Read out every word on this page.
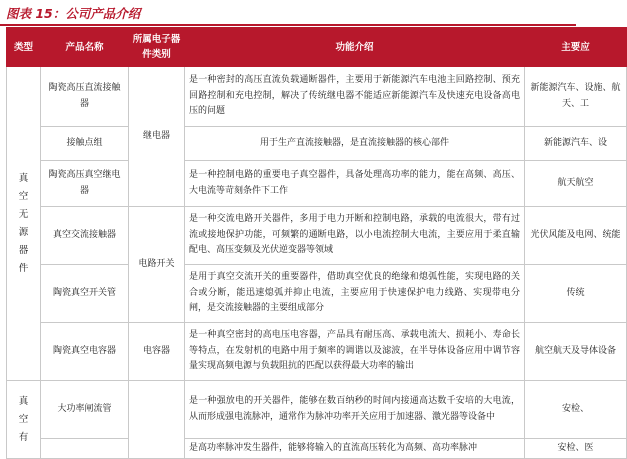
图表 15：公司产品介绍
类型	产品名称	所属电子器件类别	功能介绍	主要应

真空无源器件	陶瓷高压直流接触器	继电器	是一种密封的高压直流负载通断器件，主要用于新能源汽车电池主回路控制、预充回路控制和充电控制，解决了传统继电器不能适应新能源汽车及快速充电设备高电压的问题	新能源汽车、设施、航天、工
	接触点组		用于生产直流接触器，是直流接触器的核心部件	新能源汽车、设
	陶瓷高压真空继电器		是一种控制电路的重要电子真空器件，具备处理高功率的能力，能在高频、高压、大电流等苛刻条件下工作	航天航空
	真空交流接触器	电路开关	是一种交流电路开关器件，多用于电力开断和控制电路，承载的电流很大，带有过流或接地保护功能，可频繁的通断电路，以小电流控制大电流，主要应用于柔直输配电、高压变频及光伏逆变器等领域	光伏风能及电网、统能
	陶瓷真空开关管		是用于真空交流开关的重要器件，借助真空优良的绝缘和熄弧性能，实现电路的关合或分断，能迅速熄弧并抑止电流，主要应用于快速保护电力线路、实现带电分闸，是交流接触器的主要组成部分	传统
	陶瓷真空电容器	电容器	是一种真空密封的高电压电容器，产品具有耐压高、承载电流大、损耗小、寿命长等特点，在发射机的电路中用于频率的调谐以及滤波，在半导体设备应用中调节容量实现高频电源与负载阻抗的匹配以获得最大功率的输出	航空航天及导体设备

真空有	大功率闸流管		是一种强放电的开关器件，能够在数百纳秒的时间内接通高达数千安培的大电流，从而形成强电流脉冲，通常作为脉冲功率开关应用于加速器、激光器等设备中	安检、
			是高功率脉冲发生器件，能够将输入的直流高压转化为高频、高功率脉冲	安检、医
